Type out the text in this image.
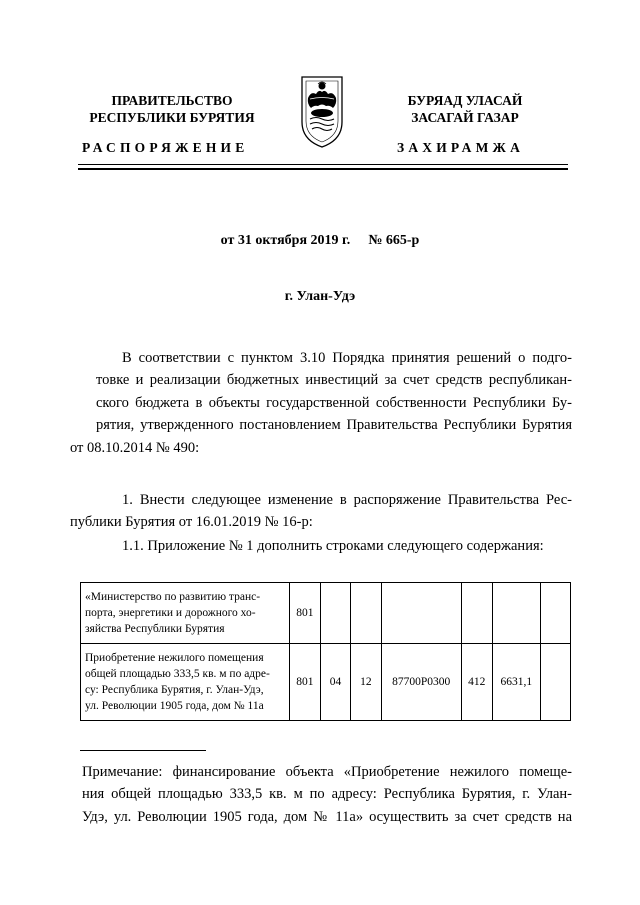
ПРАВИТЕЛЬСТВО
РЕСПУБЛИКИ БУРЯТИЯ
РАСПОРЯЖЕНИЕ
БУРЯАД УЛАСАЙ
ЗАСАГАЙ ГАЗАР
ЗАХИРАМЖА
от 31 октября 2019 г. № 665-р
г. Улан-Удэ
В соответствии с пунктом 3.10 Порядка принятия решений о подго-
товке и реализации бюджетных инвестиций за счет средств республикан-
ского бюджета в объекты государственной собственности Республики Бу-
рятия, утвержденного постановлением Правительства Республики Бурятия
от 08.10.2014 № 490:
1. Внести следующее изменение в распоряжение Правительства Рес-
публики Бурятия от 16.01.2019 № 16-р:
1.1. Приложение № 1 дополнить строками следующего содержания:
«Министерство по развитию транс-
порта, энергетики и дорожного хо-
зяйства Республики Бурятия	801						

Приобретение нежилого помещения
общей площадью 333,5 кв. м по адре-
су: Республика Бурятия, г. Улан-Удэ,
ул. Революции 1905 года, дом № 11а	801	04	12	87700Р0300	412	6631,1	
Примечание: финансирование объекта «Приобретение нежилого помеще-
ния общей площадью 333,5 кв. м по адресу: Республика Бурятия, г. Улан-
Удэ, ул. Революции 1905 года, дом № 11а» осуществить за счет средств на
